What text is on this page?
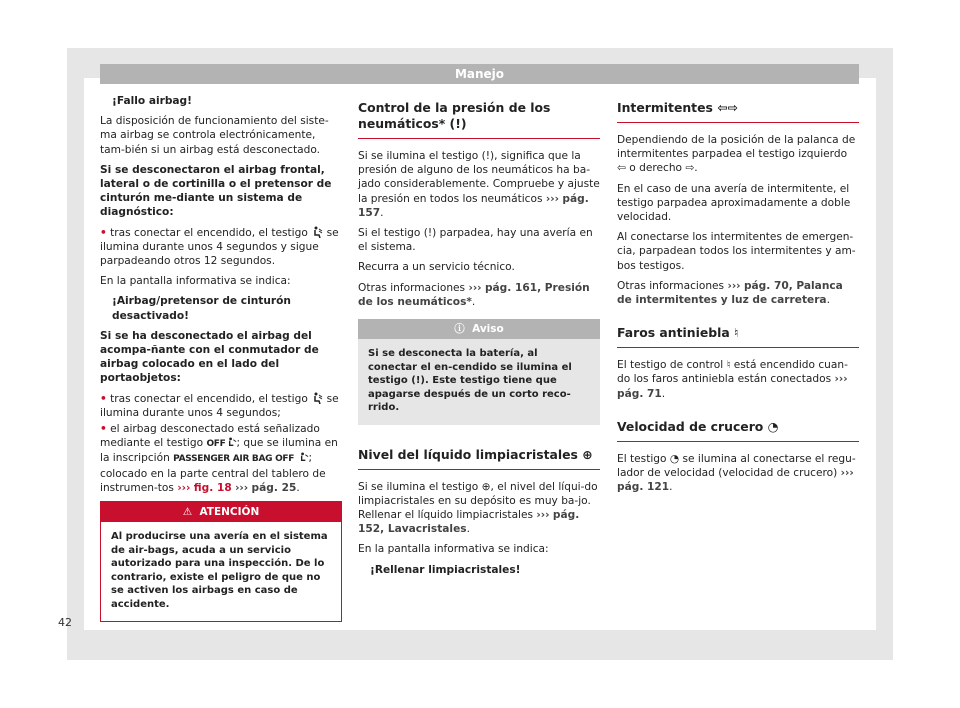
Manejo

¡Fallo airbag!

La disposición de funcionamiento del siste-ma airbag se controla electrónicamente, tam-bién si un airbag está desconectado.

Si se desconectaron el airbag frontal, lateral o de cortinilla o el pretensor de cinturón me-diante un sistema de diagnóstico:

• tras conectar el encendido, el testigo se ilumina durante unos 4 segundos y sigue parpadeando otros 12 segundos.

En la pantalla informativa se indica:

¡Airbag/pretensor de cinturón desactivado!

Si se ha desconectado el airbag del acompa-ñante con el conmutador de airbag colocado en el lado del portaobjetos:

• tras conectar el encendido, el testigo se ilumina durante unos 4 segundos;

• el airbag desconectado está señalizado mediante el testigo OFF ; que se ilumina en la inscripción PASSENGER AIR BAG OFF ; colocado en la parte central del tablero de instrumen-tos ››› fig. 18 ››› pág. 25.

⚠ ATENCIÓN
Al producirse una avería en el sistema de air-bags, acuda a un servicio autorizado para una inspección. De lo contrario, existe el peligro de que no se activen los airbags en caso de accidente.
Control de la presión de los neumáticos* (!)

Si se ilumina el testigo (!), significa que la presión de alguno de los neumáticos ha ba-jado considerablemente. Compruebe y ajuste la presión en todos los neumáticos ››› pág. 157.

Si el testigo (!) parpadea, hay una avería en el sistema.

Recurra a un servicio técnico.

Otras informaciones ››› pág. 161, Presión de los neumáticos*.

ⓘ Aviso
Si se desconecta la batería, al conectar el en-cendido se ilumina el testigo (!). Este testigo tiene que apagarse después de un corto reco-rrido.
Nivel del líquido limpiacristales ⊕

Si se ilumina el testigo ⊕, el nivel del líqui-do limpiacristales en su depósito es muy ba-jo. Rellenar el líquido limpiacristales ››› pág. 152, Lavacristales.

En la pantalla informativa se indica:

¡Rellenar limpiacristales!

Intermitentes ⇦⇨

Dependiendo de la posición de la palanca de intermitentes parpadea el testigo izquierdo ⇦ o derecho ⇨.

En el caso de una avería de intermitente, el testigo parpadea aproximadamente a doble velocidad.

Al conectarse los intermitentes de emergen-cia, parpadean todos los intermitentes y am-bos testigos.

Otras informaciones ››› pág. 70, Palanca de intermitentes y luz de carretera.

Faros antiniebla ♮

El testigo de control ♮ está encendido cuan-do los faros antiniebla están conectados ››› pág. 71.

Velocidad de crucero ◔

El testigo ◔ se ilumina al conectarse el regu-lador de velocidad (velocidad de crucero) ››› pág. 121.

42
